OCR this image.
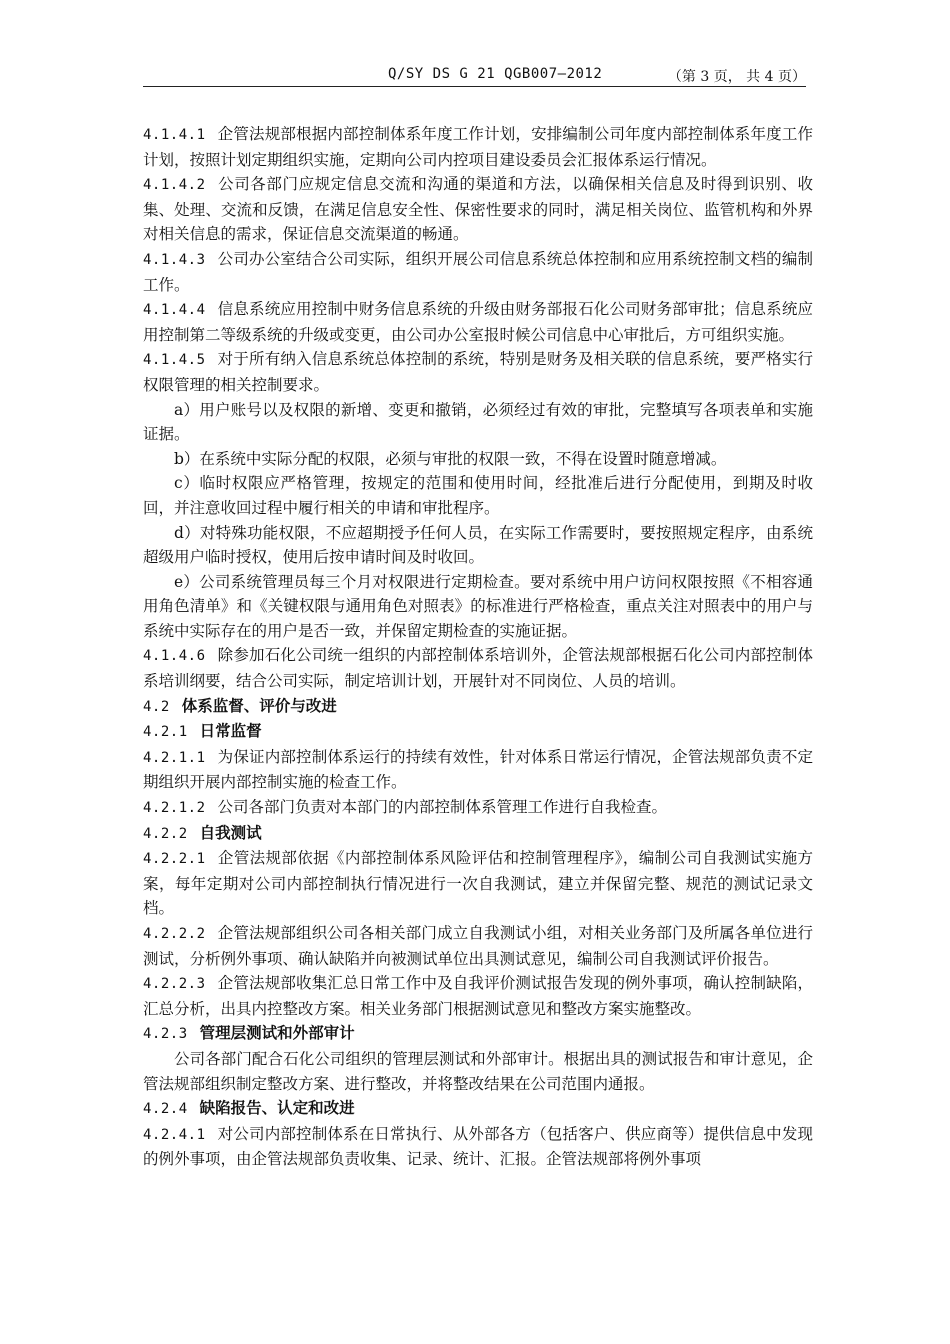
Q/SY DS G 21 QGB007—2012	（第 3 页， 共 4 页）

4.1.4.1 企管法规部根据内部控制体系年度工作计划，安排编制公司年度内部控制体系年度工作计划，按照计划定期组织实施，定期向公司内控项目建设委员会汇报体系运行情况。

4.1.4.2 公司各部门应规定信息交流和沟通的渠道和方法，以确保相关信息及时得到识别、收集、处理、交流和反馈，在满足信息安全性、保密性要求的同时，满足相关岗位、监管机构和外界对相关信息的需求，保证信息交流渠道的畅通。

4.1.4.3 公司办公室结合公司实际，组织开展公司信息系统总体控制和应用系统控制文档的编制工作。

4.1.4.4 信息系统应用控制中财务信息系统的升级由财务部报石化公司财务部审批；信息系统应用控制第二等级系统的升级或变更，由公司办公室报时候公司信息中心审批后，方可组织实施。

4.1.4.5 对于所有纳入信息系统总体控制的系统，特别是财务及相关联的信息系统，要严格实行权限管理的相关控制要求。

a）用户账号以及权限的新增、变更和撤销，必须经过有效的审批，完整填写各项表单和实施证据。

b）在系统中实际分配的权限，必须与审批的权限一致，不得在设置时随意增减。

c）临时权限应严格管理，按规定的范围和使用时间，经批准后进行分配使用，到期及时收回，并注意收回过程中履行相关的申请和审批程序。

d）对特殊功能权限，不应超期授予任何人员，在实际工作需要时，要按照规定程序，由系统超级用户临时授权，使用后按申请时间及时收回。

e）公司系统管理员每三个月对权限进行定期检查。要对系统中用户访问权限按照《不相容通用角色清单》和《关键权限与通用角色对照表》的标准进行严格检查，重点关注对照表中的用户与系统中实际存在的用户是否一致，并保留定期检查的实施证据。

4.1.4.6 除参加石化公司统一组织的内部控制体系培训外，企管法规部根据石化公司内部控制体系培训纲要，结合公司实际，制定培训计划，开展针对不同岗位、人员的培训。

4.2 体系监督、评价与改进

4.2.1 日常监督

4.2.1.1 为保证内部控制体系运行的持续有效性，针对体系日常运行情况，企管法规部负责不定期组织开展内部控制实施的检查工作。

4.2.1.2 公司各部门负责对本部门的内部控制体系管理工作进行自我检查。

4.2.2 自我测试

4.2.2.1 企管法规部依据《内部控制体系风险评估和控制管理程序》，编制公司自我测试实施方案，每年定期对公司内部控制执行情况进行一次自我测试，建立并保留完整、规范的测试记录文档。

4.2.2.2 企管法规部组织公司各相关部门成立自我测试小组，对相关业务部门及所属各单位进行测试，分析例外事项、确认缺陷并向被测试单位出具测试意见，编制公司自我测试评价报告。

4.2.2.3 企管法规部收集汇总日常工作中及自我评价测试报告发现的例外事项，确认控制缺陷，汇总分析，出具内控整改方案。相关业务部门根据测试意见和整改方案实施整改。

4.2.3 管理层测试和外部审计

公司各部门配合石化公司组织的管理层测试和外部审计。根据出具的测试报告和审计意见，企管法规部组织制定整改方案、进行整改，并将整改结果在公司范围内通报。

4.2.4 缺陷报告、认定和改进

4.2.4.1 对公司内部控制体系在日常执行、从外部各方（包括客户、供应商等）提供信息中发现的例外事项，由企管法规部负责收集、记录、统计、汇报。企管法规部将例外事项
